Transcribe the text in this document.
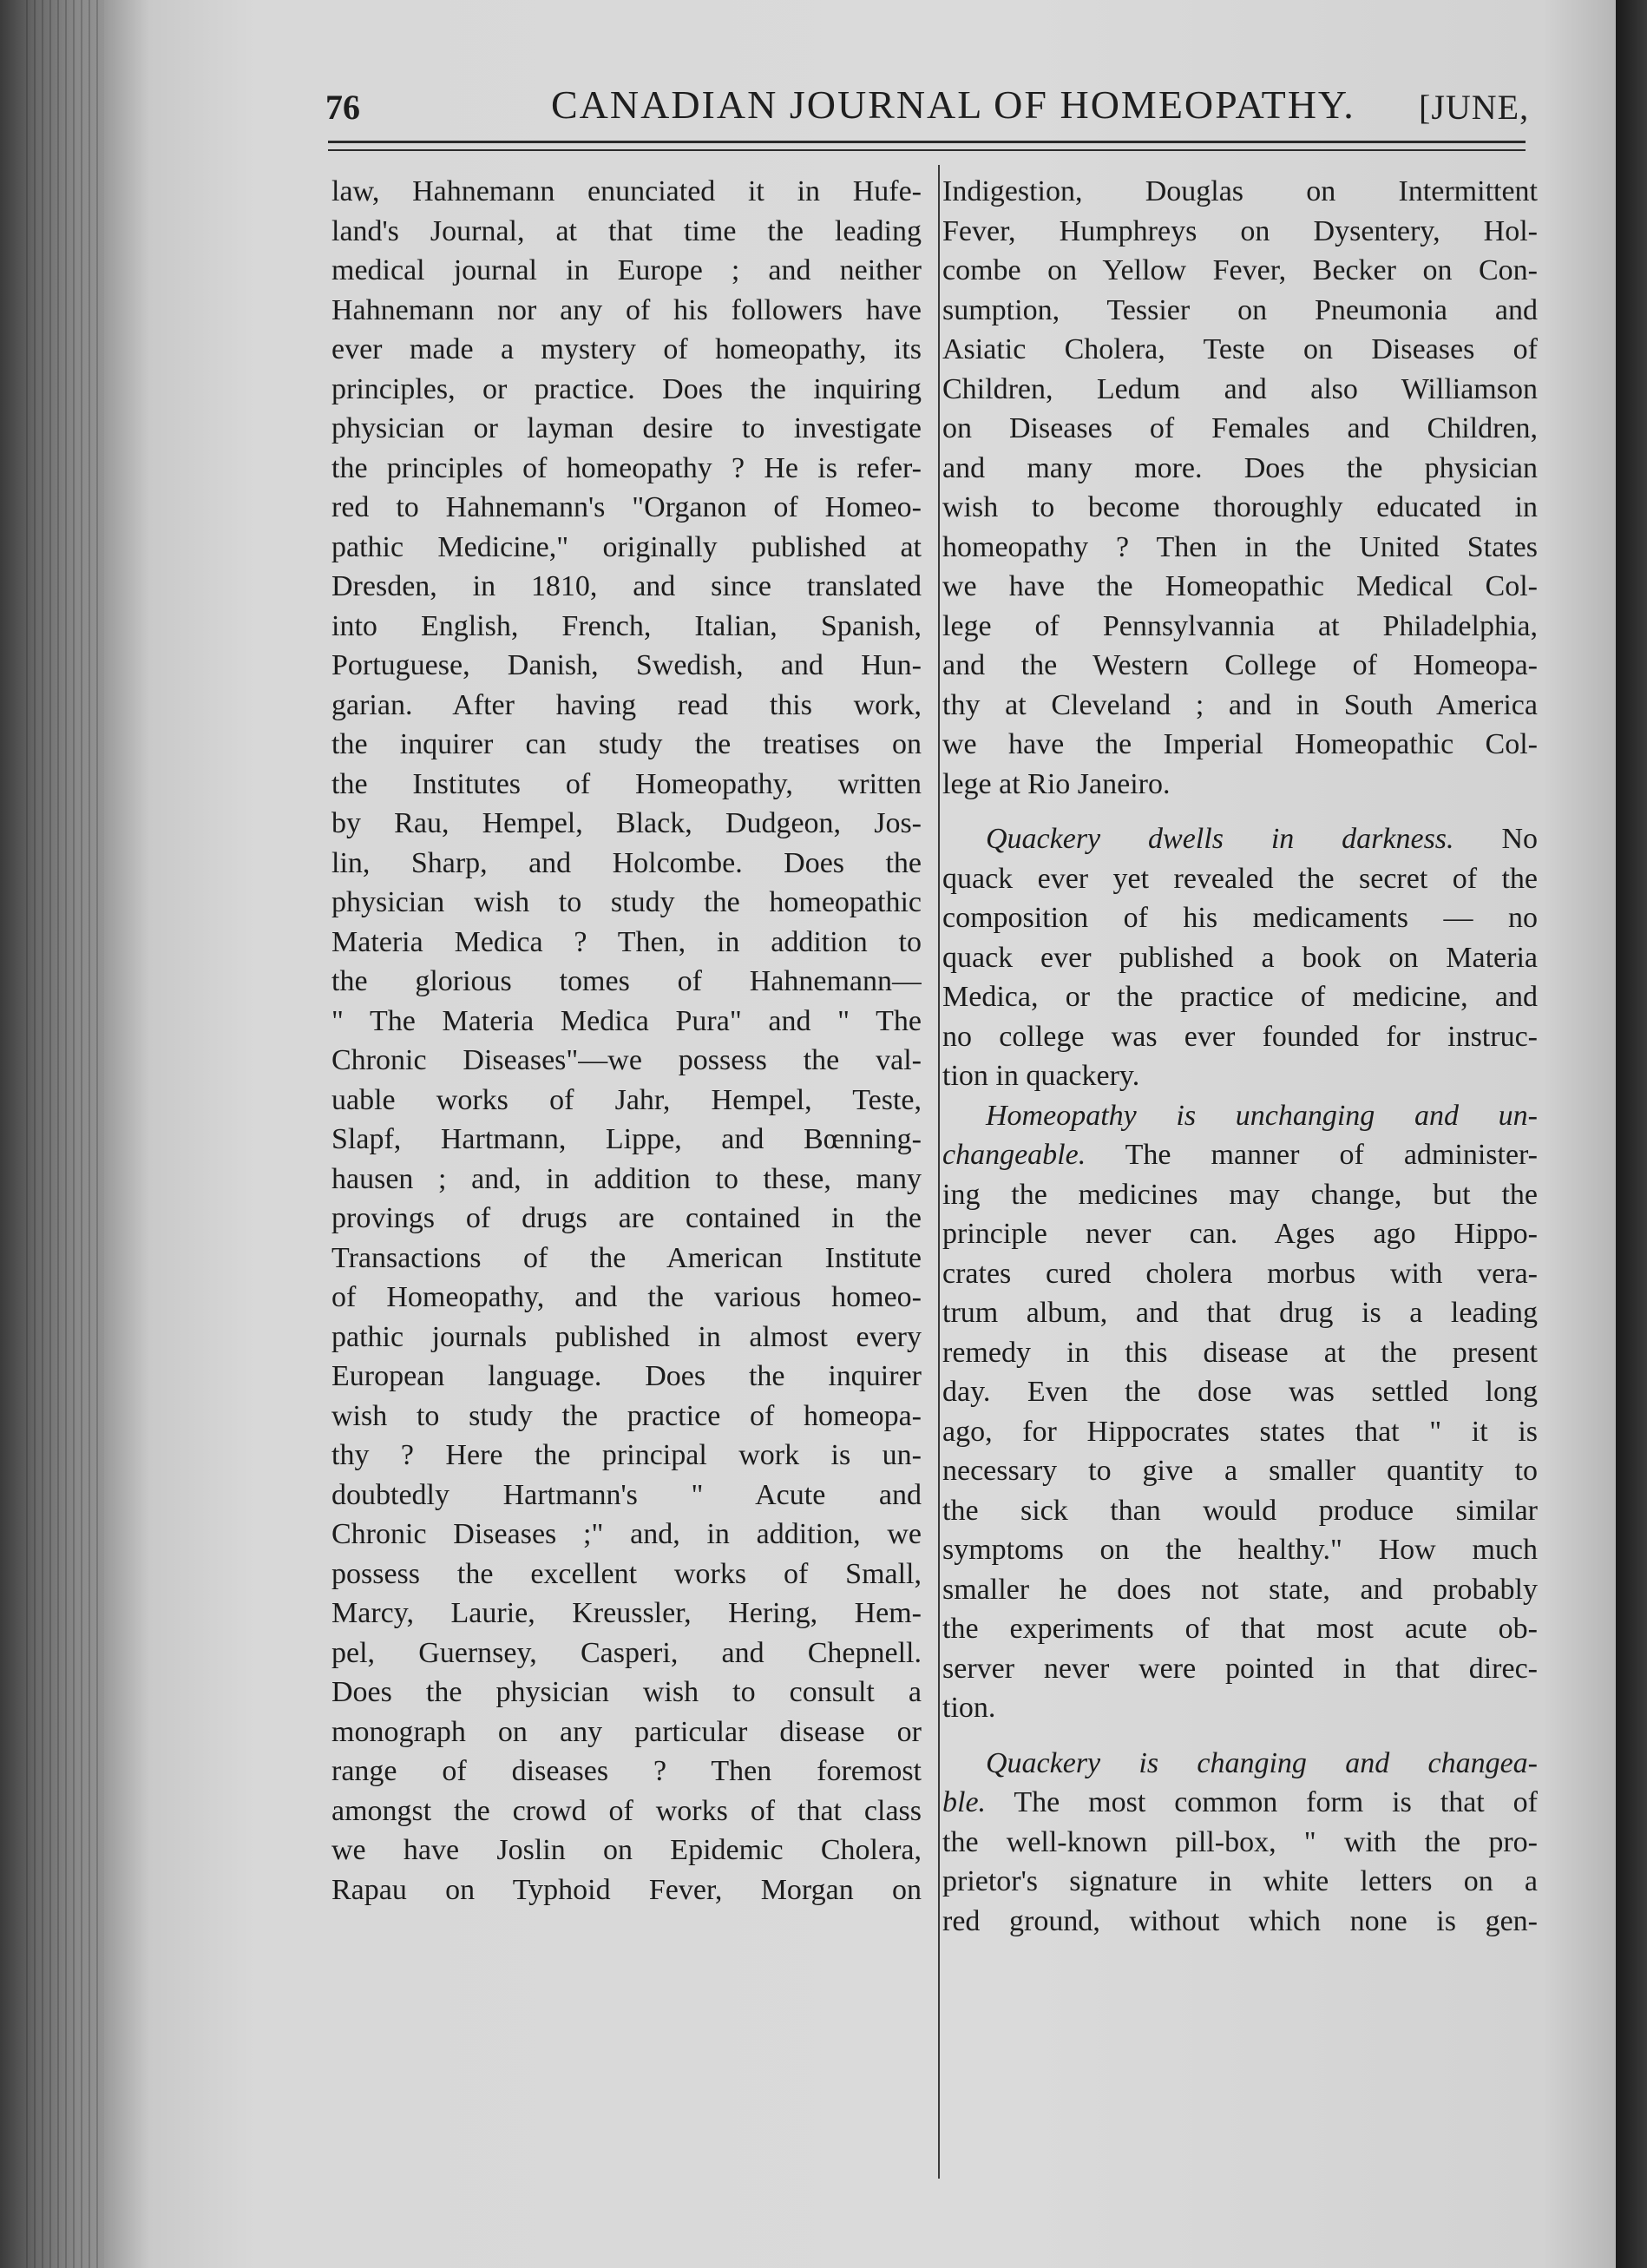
76	CANADIAN JOURNAL OF HOMEOPATHY. [JUNE,
law, Hahnemann enunciated it in Hufe-
land's Journal, at that time the leading
medical journal in Europe ; and neither
Hahnemann nor any of his followers have
ever made a mystery of homeopathy, its
principles, or practice. Does the inquiring
physician or layman desire to investigate
the principles of homeopathy ? He is refer-
red to Hahnemann's "Organon of Homeo-
pathic Medicine," originally published at
Dresden, in 1810, and since translated
into English, French, Italian, Spanish,
Portuguese, Danish, Swedish, and Hun-
garian. After having read this work,
the inquirer can study the treatises on
the Institutes of Homeopathy, written
by Rau, Hempel, Black, Dudgeon, Jos-
lin, Sharp, and Holcombe. Does the
physician wish to study the homeopathic
Materia Medica ? Then, in addition to
the glorious tomes of Hahnemann—
" The Materia Medica Pura" and " The
Chronic Diseases"—we possess the val-
uable works of Jahr, Hempel, Teste,
Slapf, Hartmann, Lippe, and Bœnning-
hausen ; and, in addition to these, many
provings of drugs are contained in the
Transactions of the American Institute
of Homeopathy, and the various homeo-
pathic journals published in almost every
European language. Does the inquirer
wish to study the practice of homeopa-
thy ? Here the principal work is un-
doubtedly Hartmann's " Acute and
Chronic Diseases ;" and, in addition, we
possess the excellent works of Small,
Marcy, Laurie, Kreussler, Hering, Hem-
pel, Guernsey, Casperi, and Chepnell.
Does the physician wish to consult a
monograph on any particular disease or
range of diseases ? Then foremost
amongst the crowd of works of that class
we have Joslin on Epidemic Cholera,
Rapau on Typhoid Fever, Morgan on
Indigestion, Douglas on Intermittent
Fever, Humphreys on Dysentery, Hol-
combe on Yellow Fever, Becker on Con-
sumption, Tessier on Pneumonia and
Asiatic Cholera, Teste on Diseases of
Children, Ledum and also Williamson
on Diseases of Females and Children,
and many more. Does the physician
wish to become thoroughly educated in
homeopathy ? Then in the United States
we have the Homeopathic Medical Col-
lege of Pennsylvannia at Philadelphia,
and the Western College of Homeopa-
thy at Cleveland ; and in South America
we have the Imperial Homeopathic Col-
lege at Rio Janeiro.
Quackery dwells in darkness. No
quack ever yet revealed the secret of the
composition of his medicaments — no
quack ever published a book on Materia
Medica, or the practice of medicine, and
no college was ever founded for instruc-
tion in quackery.
Homeopathy is unchanging and un-
changeable. The manner of administer-
ing the medicines may change, but the
principle never can. Ages ago Hippo-
crates cured cholera morbus with vera-
trum album, and that drug is a leading
remedy in this disease at the present
day. Even the dose was settled long
ago, for Hippocrates states that " it is
necessary to give a smaller quantity to
the sick than would produce similar
symptoms on the healthy." How much
smaller he does not state, and probably
the experiments of that most acute ob-
server never were pointed in that direc-
tion.
Quackery is changing and changea-
ble. The most common form is that of
the well-known pill-box, " with the pro-
prietor's signature in white letters on a
red ground, without which none is gen-
